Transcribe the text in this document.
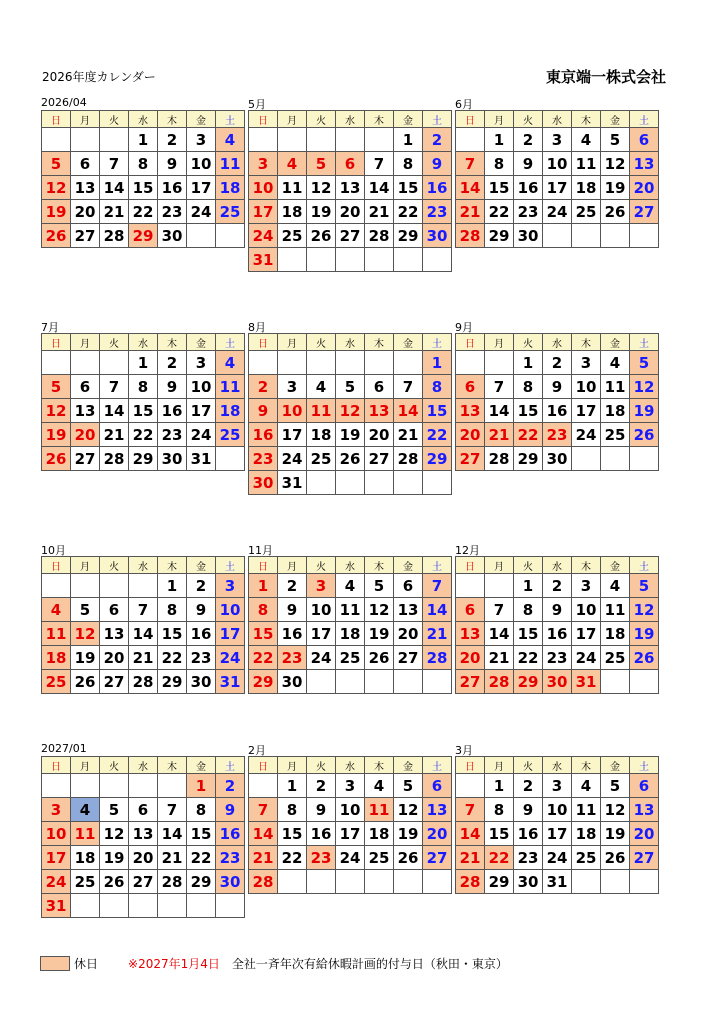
2026年度カレンダー	東京端一株式会社
2026/04
日	月	火	水	木	金	土
			1	2	3	4
5	6	7	8	9	10	11
12	13	14	15	16	17	18
19	20	21	22	23	24	25
26	27	28	29	30		
5月
日	月	火	水	木	金	土
					1	2
3	4	5	6	7	8	9
10	11	12	13	14	15	16
17	18	19	20	21	22	23
24	25	26	27	28	29	30
31						
6月
日	月	火	水	木	金	土
	1	2	3	4	5	6
7	8	9	10	11	12	13
14	15	16	17	18	19	20
21	22	23	24	25	26	27
28	29	30				
7月
日	月	火	水	木	金	土
			1	2	3	4
5	6	7	8	9	10	11
12	13	14	15	16	17	18
19	20	21	22	23	24	25
26	27	28	29	30	31	
8月
日	月	火	水	木	金	土
						1
2	3	4	5	6	7	8
9	10	11	12	13	14	15
16	17	18	19	20	21	22
23	24	25	26	27	28	29
30	31					
9月
日	月	火	水	木	金	土
		1	2	3	4	5
6	7	8	9	10	11	12
13	14	15	16	17	18	19
20	21	22	23	24	25	26
27	28	29	30			
10月
日	月	火	水	木	金	土
				1	2	3
4	5	6	7	8	9	10
11	12	13	14	15	16	17
18	19	20	21	22	23	24
25	26	27	28	29	30	31
11月
日	月	火	水	木	金	土
1	2	3	4	5	6	7
8	9	10	11	12	13	14
15	16	17	18	19	20	21
22	23	24	25	26	27	28
29	30					
12月
日	月	火	水	木	金	土
		1	2	3	4	5
6	7	8	9	10	11	12
13	14	15	16	17	18	19
20	21	22	23	24	25	26
27	28	29	30	31		
2027/01
日	月	火	水	木	金	土
					1	2
3	4	5	6	7	8	9
10	11	12	13	14	15	16
17	18	19	20	21	22	23
24	25	26	27	28	29	30
31						
2月
日	月	火	水	木	金	土
	1	2	3	4	5	6
7	8	9	10	11	12	13
14	15	16	17	18	19	20
21	22	23	24	25	26	27
28						
3月
日	月	火	水	木	金	土
	1	2	3	4	5	6
7	8	9	10	11	12	13
14	15	16	17	18	19	20
21	22	23	24	25	26	27
28	29	30	31			
休日	※2027年1月4日 全社一斉年次有給休暇計画的付与日（秋田・東京）
